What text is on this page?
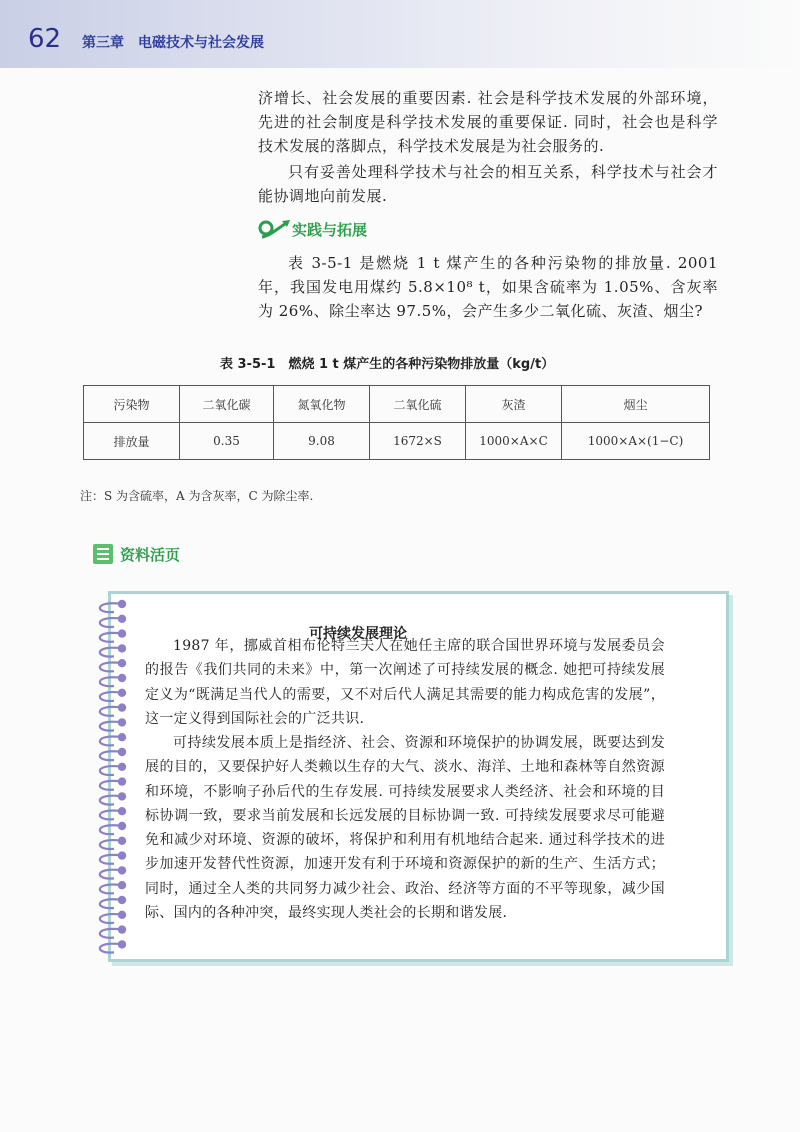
62 第三章　电磁技术与社会发展

济增长、社会发展的重要因素. 社会是科学技术发展的外部环境，先进的社会制度是科学技术发展的重要保证. 同时，社会也是科学技术发展的落脚点，科学技术发展是为社会服务的.

只有妥善处理科学技术与社会的相互关系，科学技术与社会才能协调地向前发展.

实践与拓展

表 3-5-1 是燃烧 1 t 煤产生的各种污染物的排放量. 2001 年，我国发电用煤约 5.8×10⁸ t，如果含硫率为 1.05%、含灰率为 26%、除尘率达 97.5%，会产生多少二氧化硫、灰渣、烟尘?

表 3-5-1　燃烧 1 t 煤产生的各种污染物排放量（kg/t）
污染物	二氧化碳	氮氧化物	二氧化硫	灰渣	烟尘
排放量	0.35	9.08	1672×S	1000×A×C	1000×A×(1−C)
注：S 为含硫率，A 为含灰率，C 为除尘率.
资料活页
可持续发展理论

1987 年，挪威首相布伦特兰夫人在她任主席的联合国世界环境与发展委员会的报告《我们共同的未来》中，第一次阐述了可持续发展的概念. 她把可持续发展定义为“既满足当代人的需要，又不对后代人满足其需要的能力构成危害的发展”，这一定义得到国际社会的广泛共识.

可持续发展本质上是指经济、社会、资源和环境保护的协调发展，既要达到发展的目的，又要保护好人类赖以生存的大气、淡水、海洋、土地和森林等自然资源和环境，不影响子孙后代的生存发展. 可持续发展要求人类经济、社会和环境的目标协调一致，要求当前发展和长远发展的目标协调一致. 可持续发展要求尽可能避免和减少对环境、资源的破坏，将保护和利用有机地结合起来. 通过科学技术的进步加速开发替代性资源，加速开发有利于环境和资源保护的新的生产、生活方式；同时，通过全人类的共同努力减少社会、政治、经济等方面的不平等现象，减少国际、国内的各种冲突，最终实现人类社会的长期和谐发展.
